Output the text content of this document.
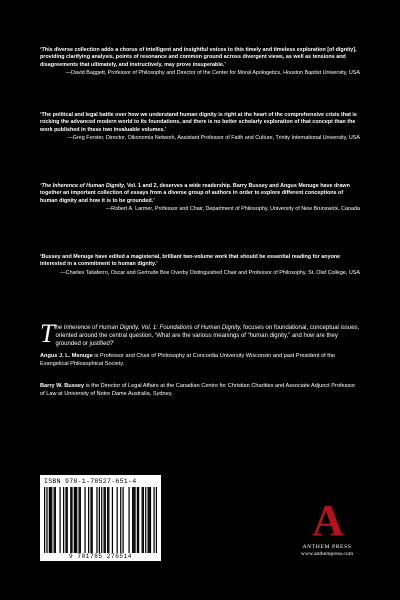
‘This diverse collection adds a chorus of intelligent and insightful voices to this timely and timeless exploration [of dignity], providing clarifying analysis, points of resonance and common ground across divergent views, as well as tensions and disagreements that ultimately, and instructively, may prove insuperable.’

—David Baggett, Professor of Philosophy and Director of the Center for Moral Apologetics, Houston Baptist University, USA

‘The political and legal battle over how we understand human dignity is right at the heart of the comprehensive crisis that is rocking the advanced modern world to its foundations, and there is no better scholarly exploration of that concept than the work published in these two invaluable volumes.’

—Greg Forster, Director, Oikonomia Network, Assistant Professor of Faith and Culture, Trinity International University, USA

‘The Inherence of Human Dignity, Vol. 1 and 2, deserves a wide readership. Barry Bussey and Angus Menuge have drawn together an important collection of essays from a diverse group of authors in order to explore different conceptions of human dignity and how it is to be grounded.’

—Robert A. Larmer, Professor and Chair, Department of Philosophy, University of New Brunswick, Canada

‘Bussey and Menuge have edited a magisterial, brilliant two-volume work that should be essential reading for anyone interested in a commitment to human dignity.’

—Charles Taliaferro, Oscar and Gertrude Boe Overby Distinguished Chair and Professor of Philosophy, St. Olaf College, USA

The Inherence of Human Dignity, Vol. 1: Foundations of Human Dignity, focuses on foundational, conceptual issues, oriented around the central question, ‘What are the various meanings of “human dignity,” and how are they grounded or justified?’
Angus J. L. Menuge is Professor and Chair of Philosophy at Concordia University Wisconsin and past President of the Evangelical Philosophical Society.
Barry W. Bussey is the Director of Legal Affairs at the Canadian Centre for Christian Charities and Associate Adjunct Professor of Law at University of Notre Dame Australia, Sydney.
ISBN 978-1-78527-651-4
9 781785 276514
A
ANTHEM PRESS
www.anthempress.com
